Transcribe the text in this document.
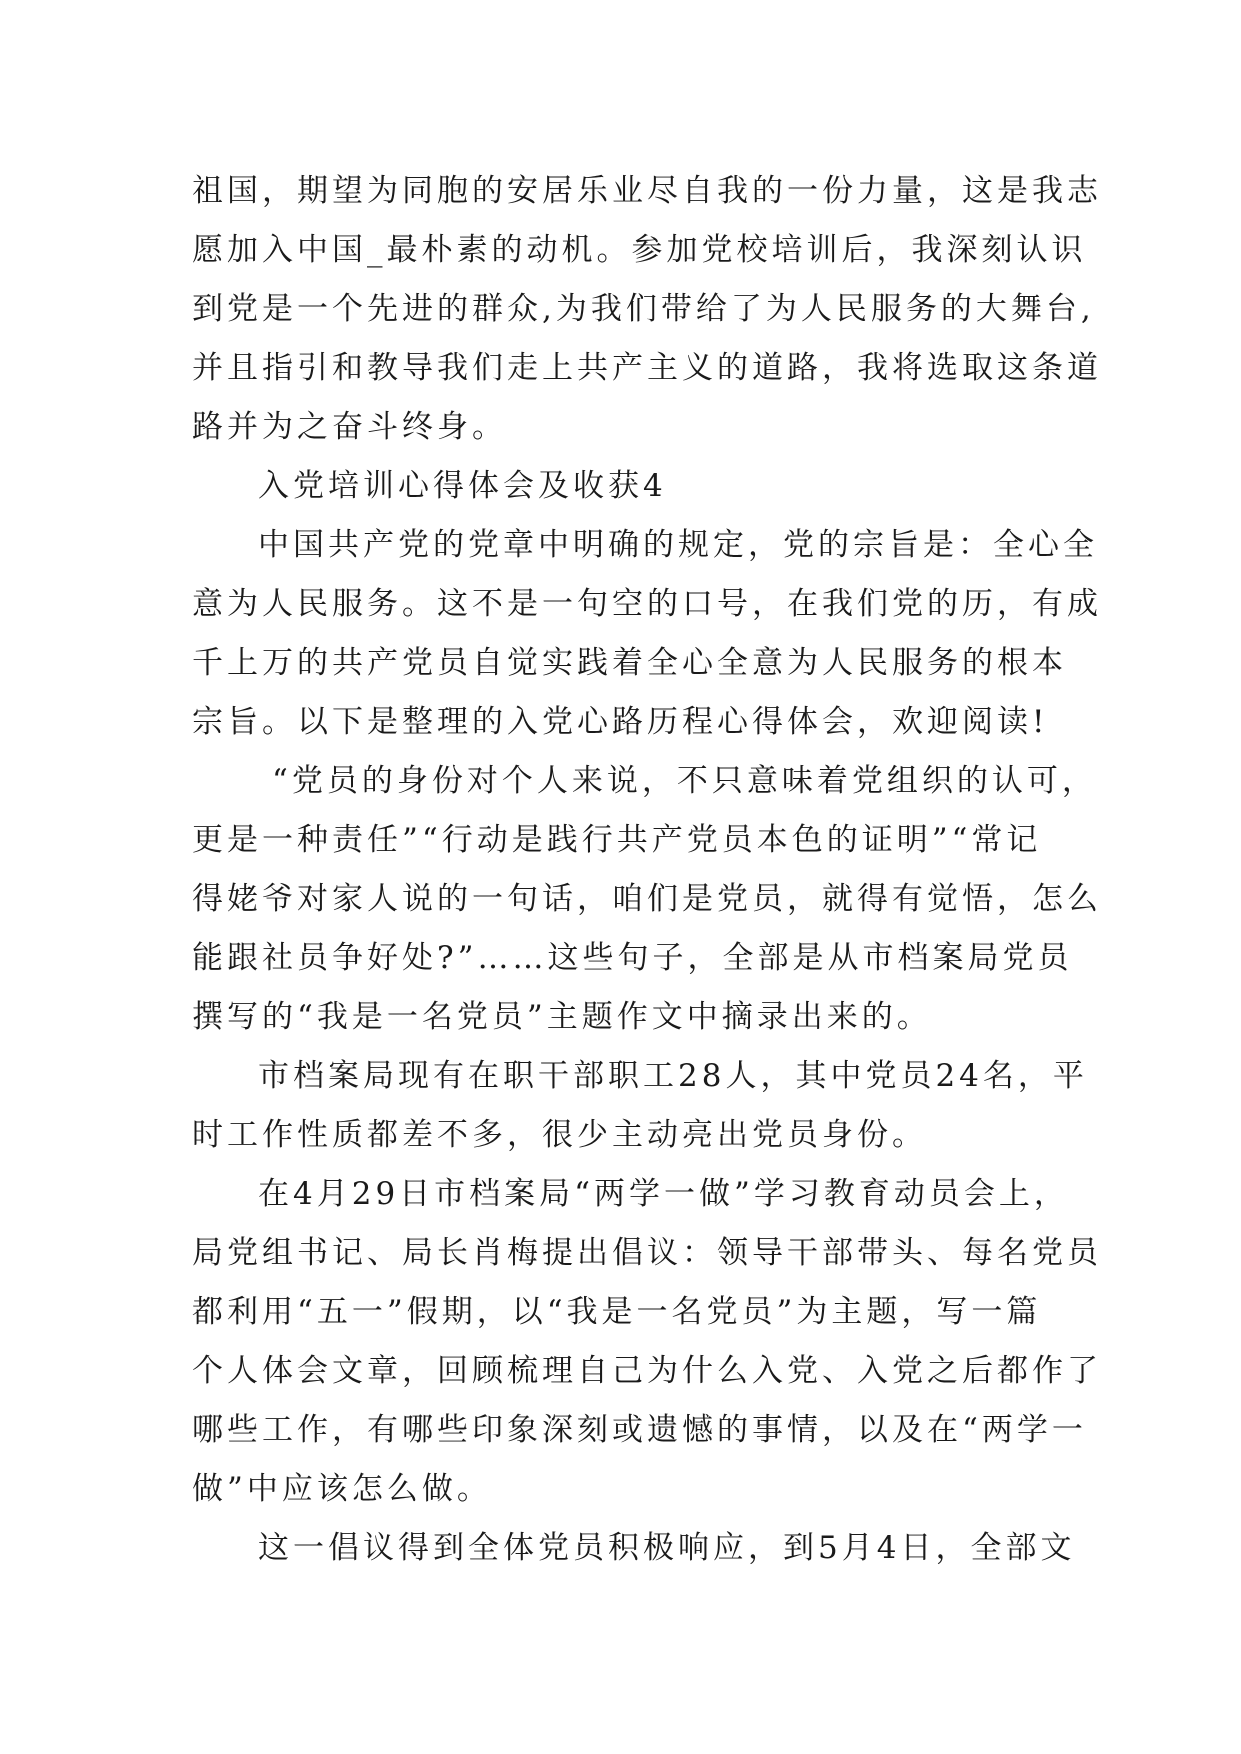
祖国，期望为同胞的安居乐业尽自我的一份力量，这是我志
愿加入中国_最朴素的动机。参加党校培训后，我深刻认识
到党是一个先进的群众,为我们带给了为人民服务的大舞台,
并且指引和教导我们走上共产主义的道路，我将选取这条道
路并为之奋斗终身。

入党培训心得体会及收获4

中国共产党的党章中明确的规定，党的宗旨是：全心全
意为人民服务。这不是一句空的口号，在我们党的历，有成
千上万的共产党员自觉实践着全心全意为人民服务的根本
宗旨。以下是整理的入党心路历程心得体会，欢迎阅读!

“党员的身份对个人来说，不只意味着党组织的认可，
更是一种责任”“行动是践行共产党员本色的证明”“常记
得姥爷对家人说的一句话，咱们是党员，就得有觉悟，怎么
能跟社员争好处?”……这些句子，全部是从市档案局党员
撰写的“我是一名党员”主题作文中摘录出来的。

市档案局现有在职干部职工28人，其中党员24名，平
时工作性质都差不多，很少主动亮出党员身份。

在4月29日市档案局“两学一做”学习教育动员会上，
局党组书记、局长肖梅提出倡议：领导干部带头、每名党员
都利用“五一”假期，以“我是一名党员”为主题，写一篇
个人体会文章，回顾梳理自己为什么入党、入党之后都作了
哪些工作，有哪些印象深刻或遗憾的事情，以及在“两学一
做”中应该怎么做。

这一倡议得到全体党员积极响应，到5月4日，全部文
